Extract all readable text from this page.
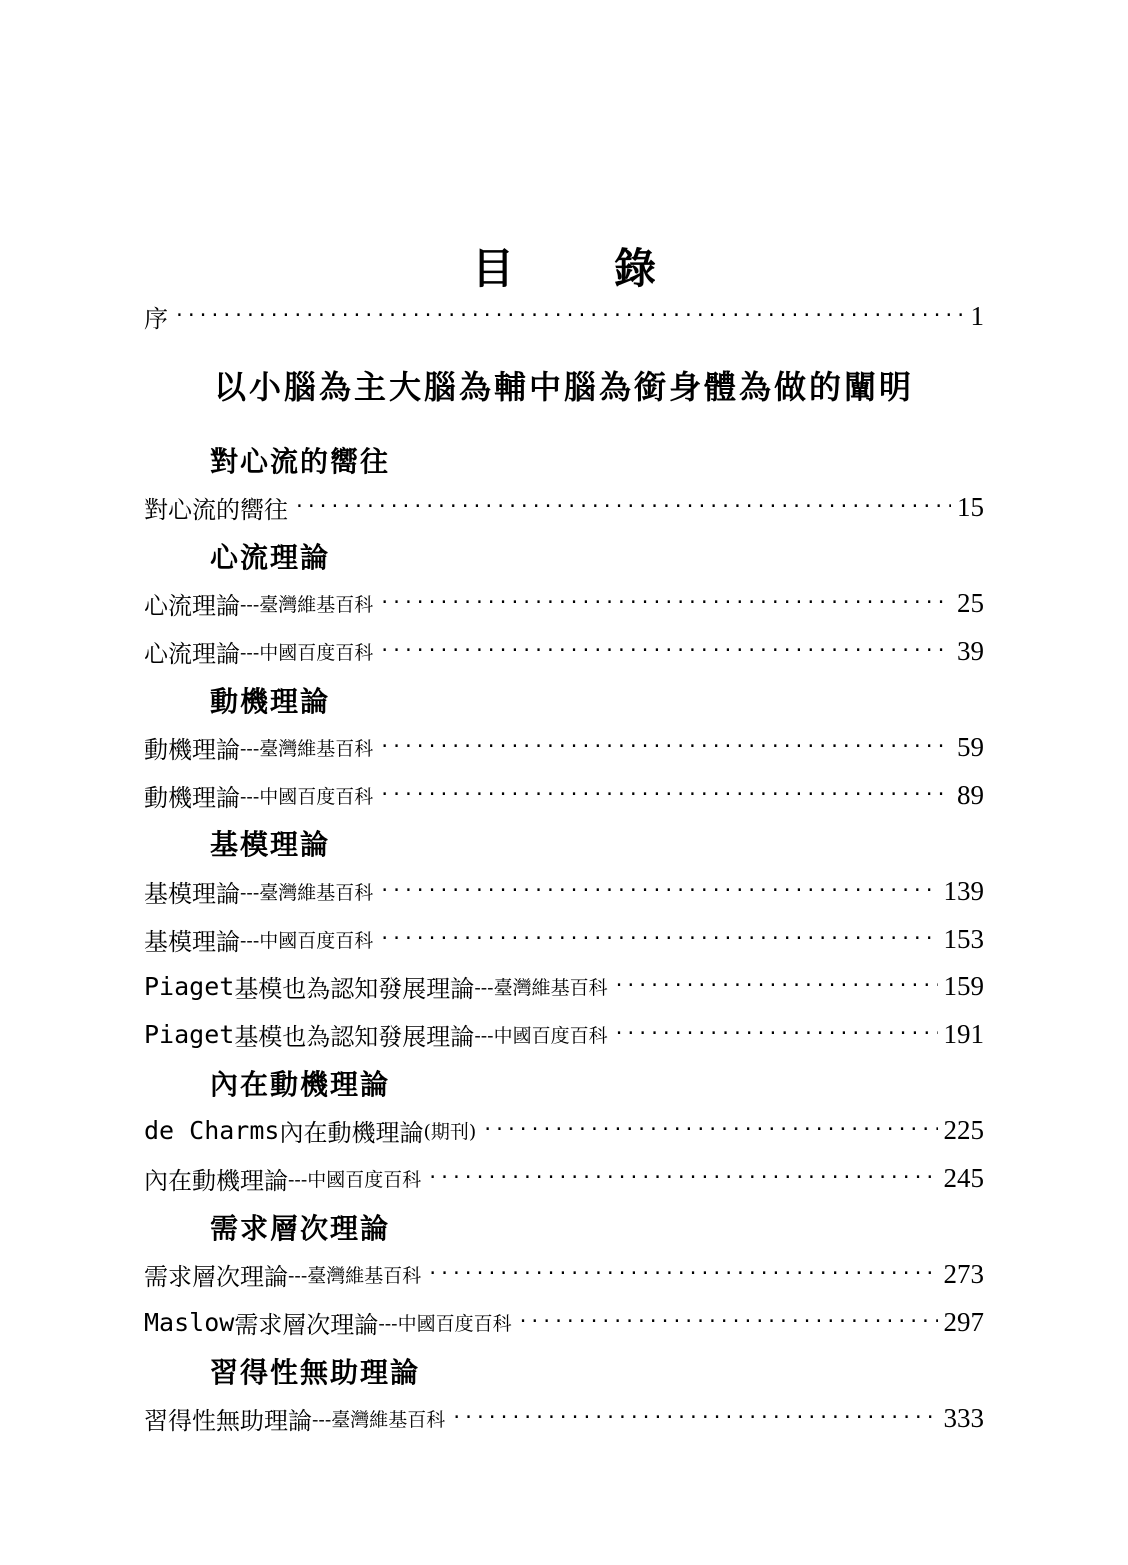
目 錄
序 ·····	1
以小腦為主大腦為輔中腦為銜身體為做的闡明
對心流的嚮往
對心流的嚮往 ·····	15
心流理論
心流理論 ---臺灣維基百科 ·····	25
心流理論 ---中國百度百科 ·····	39
動機理論
動機理論 ---臺灣維基百科 ·····	59
動機理論 ---中國百度百科 ·····	89
基模理論
基模理論 ---臺灣維基百科 ·····	139
基模理論 ---中國百度百科 ·····	153
Piaget 基模也為認知發展理論 ---臺灣維基百科 ·····	159
Piaget 基模也為認知發展理論 ---中國百度百科 ·····	191
內在動機理論
de Charms 內在動機理論 (期刊) ·····	225
內在動機理論 ---中國百度百科 ·····	245
需求層次理論
需求層次理論 ---臺灣維基百科 ·····	273
Maslow 需求層次理論 ---中國百度百科 ·····	297
習得性無助理論
習得性無助理論 ---臺灣維基百科 ·····	333
